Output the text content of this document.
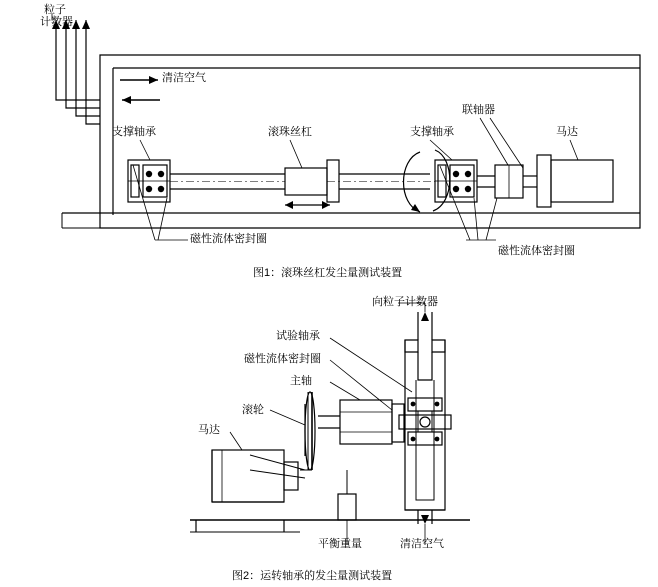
粒子
计数器
清洁空气
支撑轴承	滚珠丝杠	支撑轴承
联轴器
马达
磁性流体密封圈
磁性流体密封圈
图1：滚珠丝杠发尘量测试装置
向粒子计数器
试验轴承
磁性流体密封圈
主轴
滚轮
马达
平衡重量	清洁空气
图2：运转轴承的发尘量测试装置
